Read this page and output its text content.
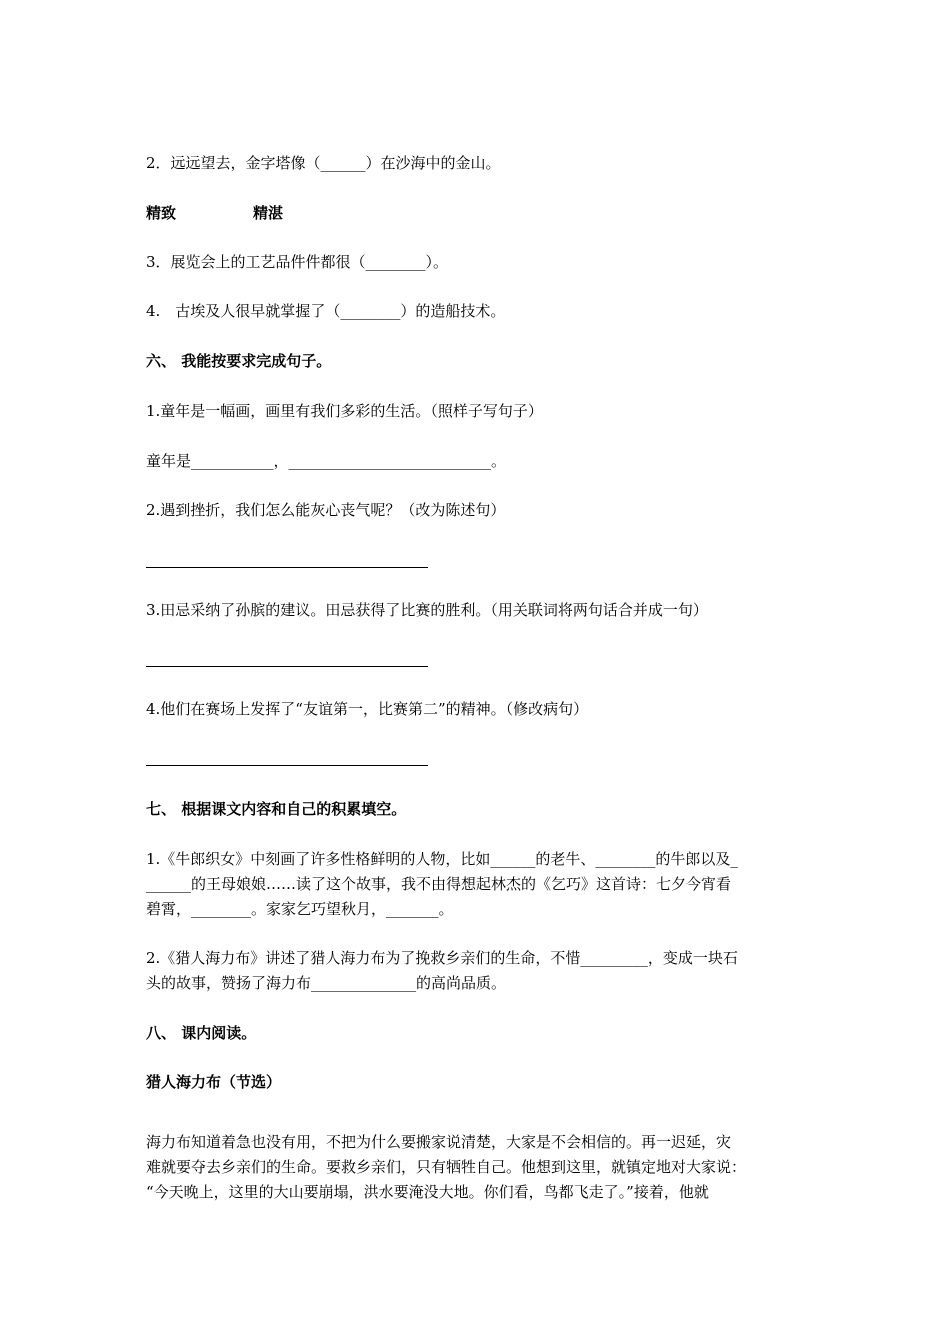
2．远远望去，金字塔像（______）在沙海中的金山。
精致	精湛
3．展览会上的工艺品件件都很（________）。
4.　古埃及人很早就掌握了（________）的造船技术。
六、 我能按要求完成句子。
1.童年是一幅画，画里有我们多彩的生活。（照样子写句子）
童年是___________，___________________________。
2.遇到挫折，我们怎么能灰心丧气呢？（改为陈述句）
3.田忌采纳了孙膑的建议。田忌获得了比赛的胜利。（用关联词将两句话合并成一句）
4.他们在赛场上发挥了“友谊第一，比赛第二”的精神。（修改病句）
七、 根据课文内容和自己的积累填空。
1.《牛郎织女》中刻画了许多性格鲜明的人物，比如______的老牛、________的牛郎以及_
______的王母娘娘……读了这个故事，我不由得想起林杰的《乞巧》这首诗：七夕今宵看
碧霄，________。家家乞巧望秋月，_______。
2.《猎人海力布》讲述了猎人海力布为了挽救乡亲们的生命，不惜_________，变成一块石
头的故事，赞扬了海力布______________的高尚品质。
八、 课内阅读。
猎人海力布（节选）
海力布知道着急也没有用，不把为什么要搬家说清楚，大家是不会相信的。再一迟延，灾
难就要夺去乡亲们的生命。要救乡亲们，只有牺牲自己。他想到这里，就镇定地对大家说：
“今天晚上，这里的大山要崩塌，洪水要淹没大地。你们看，鸟都飞走了。”接着，他就
